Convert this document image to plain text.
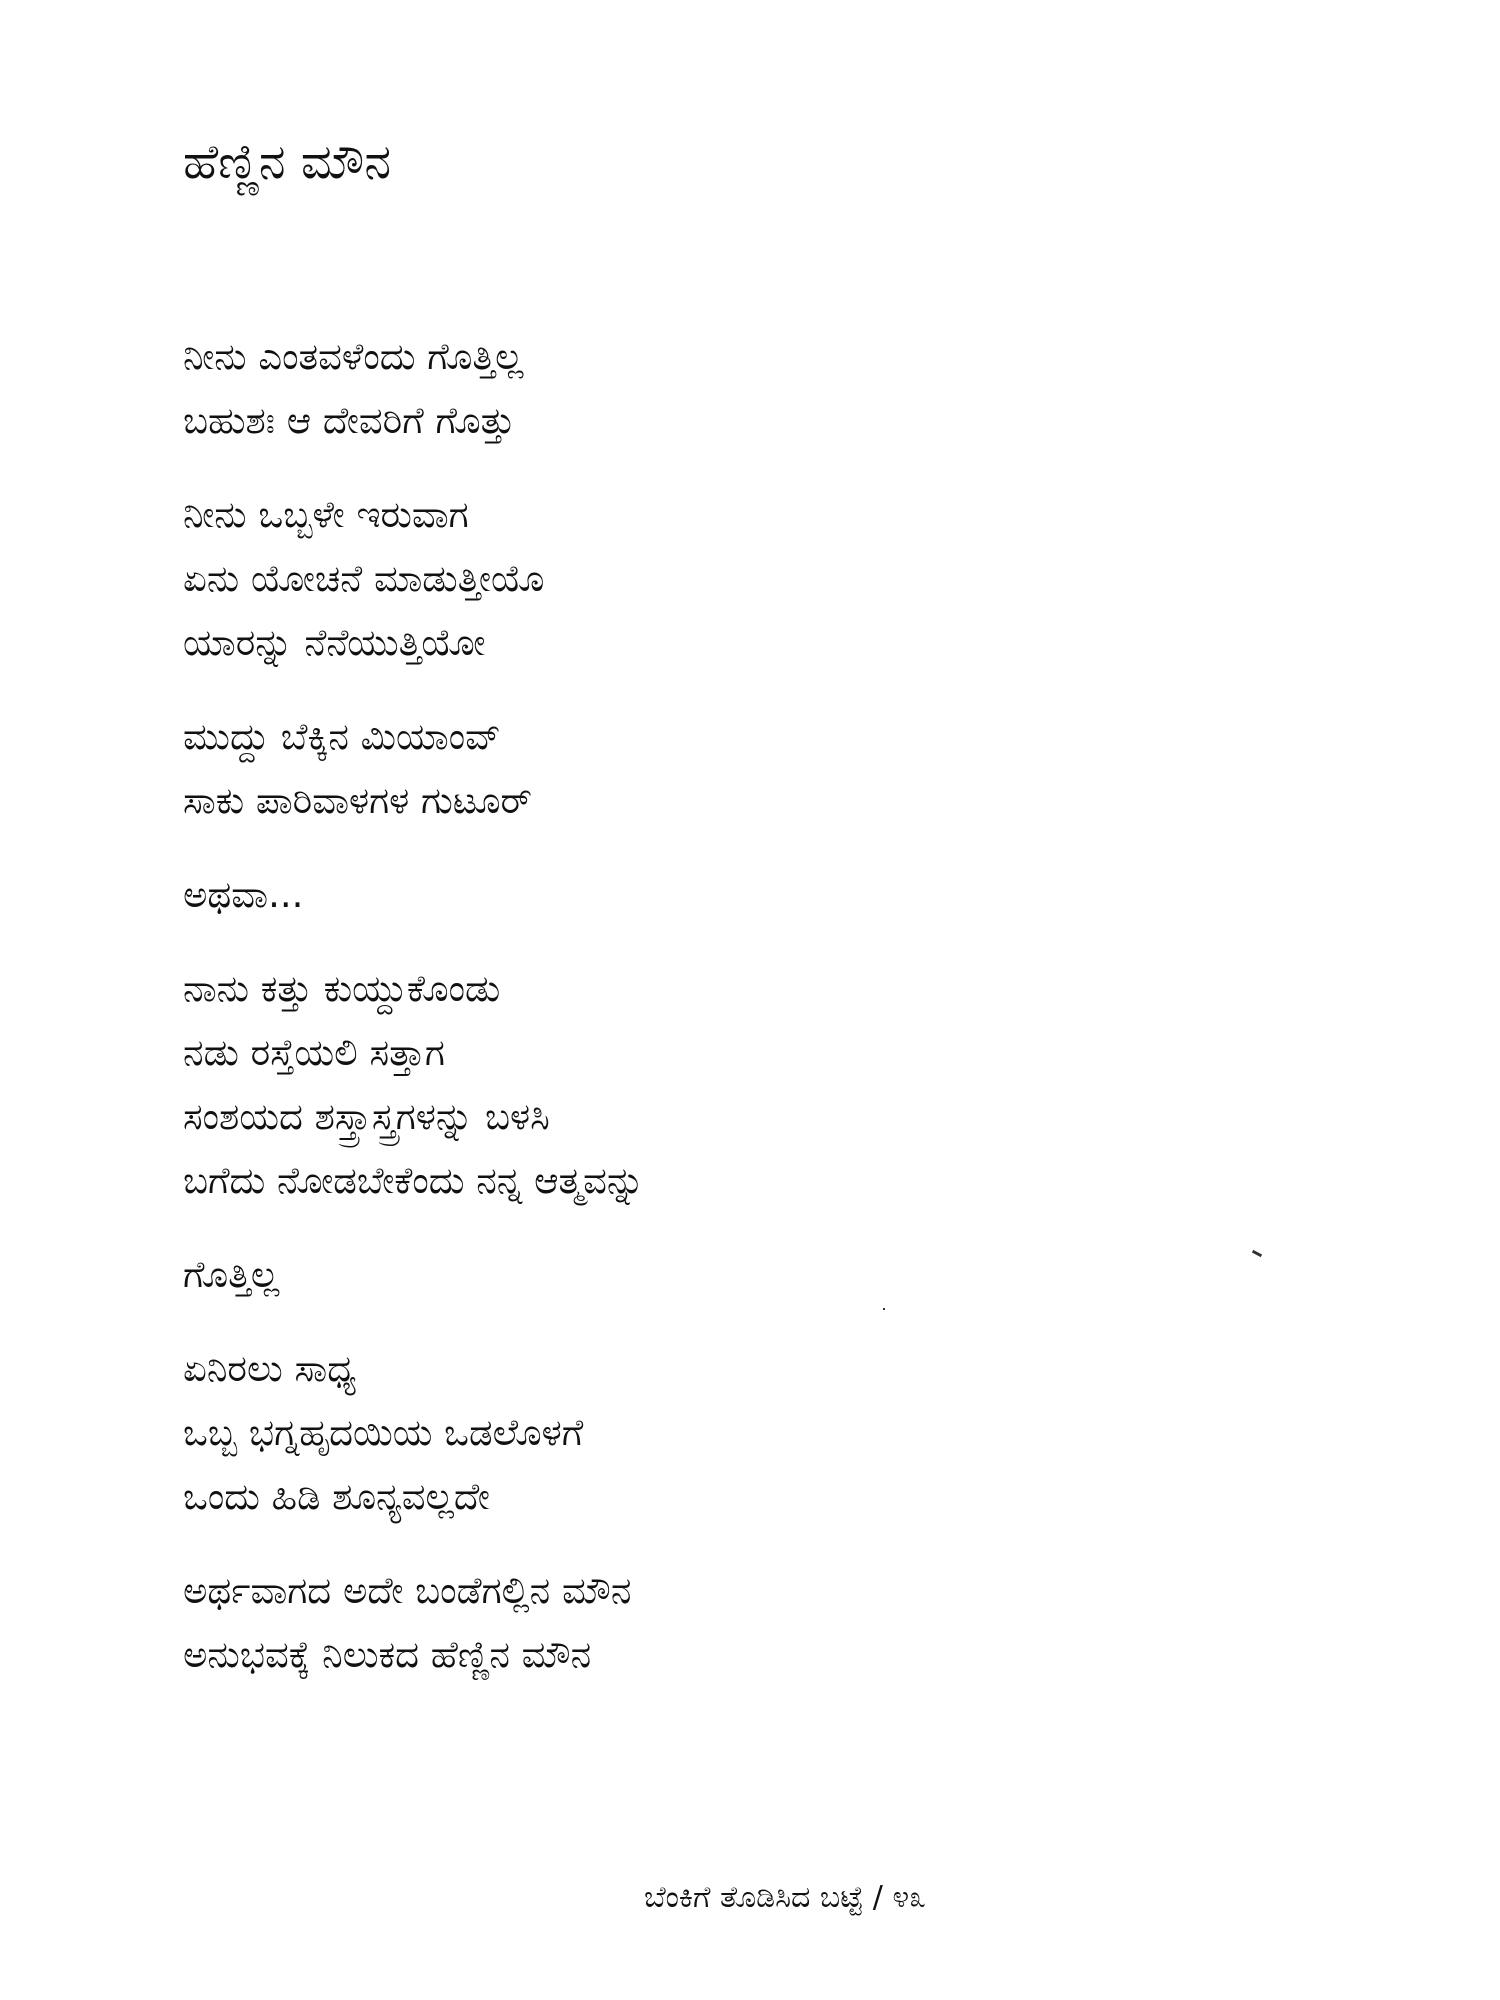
ಹೆಣ್ಣಿನ ಮೌನ
ನೀನು ಎಂತವಳೆಂದು ಗೊತ್ತಿಲ್ಲ
ಬಹುಶಃ ಆ ದೇವರಿಗೆ ಗೊತ್ತು
ನೀನು ಒಬ್ಬಳೇ ಇರುವಾಗ
ಏನು ಯೋಚನೆ ಮಾಡುತ್ತೀಯೊ
ಯಾರನ್ನು ನೆನೆಯುತ್ತಿಯೋ
ಮುದ್ದು ಬೆಕ್ಕಿನ ಮಿಯಾಂವ್
ಸಾಕು ಪಾರಿವಾಳಗಳ ಗುಟೂರ್
ಅಥವಾ...
ನಾನು ಕತ್ತು ಕುಯ್ದುಕೊಂಡು
ನಡು ರಸ್ತೆಯಲಿ ಸತ್ತಾಗ
ಸಂಶಯದ ಶಸ್ತ್ರಾಸ್ತ್ರಗಳನ್ನು ಬಳಸಿ
ಬಗೆದು ನೋಡಬೇಕೆಂದು ನನ್ನ ಆತ್ಮವನ್ನು
ಗೊತ್ತಿಲ್ಲ
ಏನಿರಲು ಸಾಧ್ಯ
ಒಬ್ಬ ಭಗ್ನಹೃದಯಿಯ ಒಡಲೊಳಗೆ
ಒಂದು ಹಿಡಿ ಶೂನ್ಯವಲ್ಲದೇ
ಅರ್ಥವಾಗದ ಅದೇ ಬಂಡೆಗಲ್ಲಿನ ಮೌನ
ಅನುಭವಕ್ಕೆ ನಿಲುಕದ ಹೆಣ್ಣಿನ ಮೌನ
ಬೆಂಕಿಗೆ ತೊಡಿಸಿದ ಬಟ್ಟೆ / ೪೩
